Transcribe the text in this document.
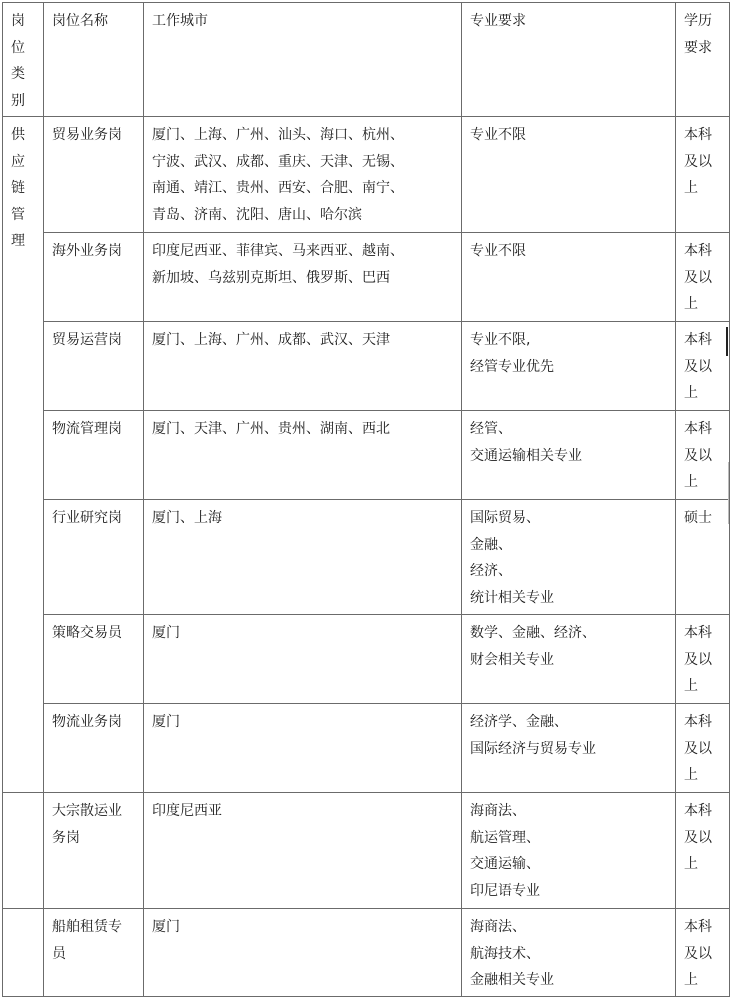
岗
位
类
别	岗位名称	工作城市	专业要求	学历
要求
供
应
链
管
理	贸易业务岗	厦门、上海、广州、汕头、海口、杭州、
宁波、武汉、成都、重庆、天津、无锡、
南通、靖江、贵州、西安、合肥、南宁、
青岛、济南、沈阳、唐山、哈尔滨	专业不限	本科
及以
上
	海外业务岗	印度尼西亚、菲律宾、马来西亚、越南、
新加坡、乌兹别克斯坦、俄罗斯、巴西	专业不限	本科
及以
上
	贸易运营岗	厦门、上海、广州、成都、武汉、天津	专业不限,
经管专业优先	本科
及以
上
	物流管理岗	厦门、天津、广州、贵州、湖南、西北	经管、
交通运输相关专业	本科
及以
上
	行业研究岗	厦门、上海	国际贸易、
金融、
经济、
统计相关专业	硕士
	策略交易员	厦门	数学、金融、经济、
财会相关专业	本科
及以
上
	物流业务岗	厦门	经济学、金融、
国际经济与贸易专业	本科
及以
上
	大宗散运业
务岗	印度尼西亚	海商法、
航运管理、
交通运输、
印尼语专业	本科
及以
上
	船舶租赁专
员	厦门	海商法、
航海技术、
金融相关专业	本科
及以
上
